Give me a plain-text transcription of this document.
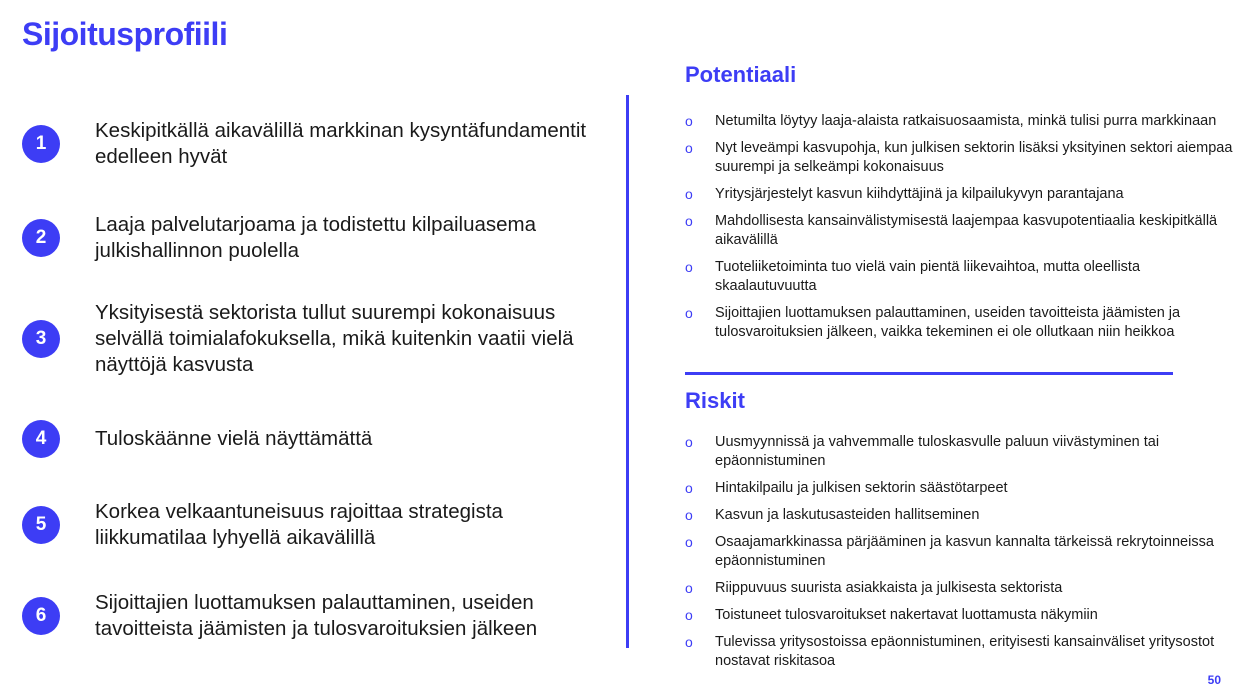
Sijoitusprofiili
1
Keskipitkällä aikavälillä markkinan kysyntäfundamentit edelleen hyvät
2
Laaja palvelutarjoama ja todistettu kilpailuasema julkishallinnon puolella
3
Yksityisestä sektorista tullut suurempi kokonaisuus selvällä toimialafokuksella, mikä kuitenkin vaatii vielä näyttöjä kasvusta
4	Tuloskäänne vielä näyttämättä
5
Korkea velkaantuneisuus rajoittaa strategista liikkumatilaa lyhyellä aikavälillä
6
Sijoittajien luottamuksen palauttaminen, useiden tavoitteista jäämisten ja tulosvaroituksien jälkeen
Potentiaali
o Netumilta löytyy laaja-alaista ratkaisuosaamista, minkä tulisi purra markkinaan
o Nyt leveämpi kasvupohja, kun julkisen sektorin lisäksi yksityinen sektori aiempaa suurempi ja selkeämpi kokonaisuus
o Yritysjärjestelyt kasvun kiihdyttäjinä ja kilpailukyvyn parantajana
o Mahdollisesta kansainvälistymisestä laajempaa kasvupotentiaalia keskipitkällä aikavälillä
o Tuoteliiketoiminta tuo vielä vain pientä liikevaihtoa, mutta oleellista skaalautuvuutta
o Sijoittajien luottamuksen palauttaminen, useiden tavoitteista jäämisten ja tulosvaroituksien jälkeen, vaikka tekeminen ei ole ollutkaan niin heikkoa
Riskit
o Uusmyynnissä ja vahvemmalle tuloskasvulle paluun viivästyminen tai epäonnistuminen
o Hintakilpailu ja julkisen sektorin säästötarpeet
o Kasvun ja laskutusasteiden hallitseminen
o Osaajamarkkinassa pärjääminen ja kasvun kannalta tärkeissä rekrytoinneissa epäonnistuminen
o Riippuvuus suurista asiakkaista ja julkisesta sektorista
o Toistuneet tulosvaroitukset nakertavat luottamusta näkymiin
o Tulevissa yritysostoissa epäonnistuminen, erityisesti kansainväliset yritysostot nostavat riskitasoa
50
